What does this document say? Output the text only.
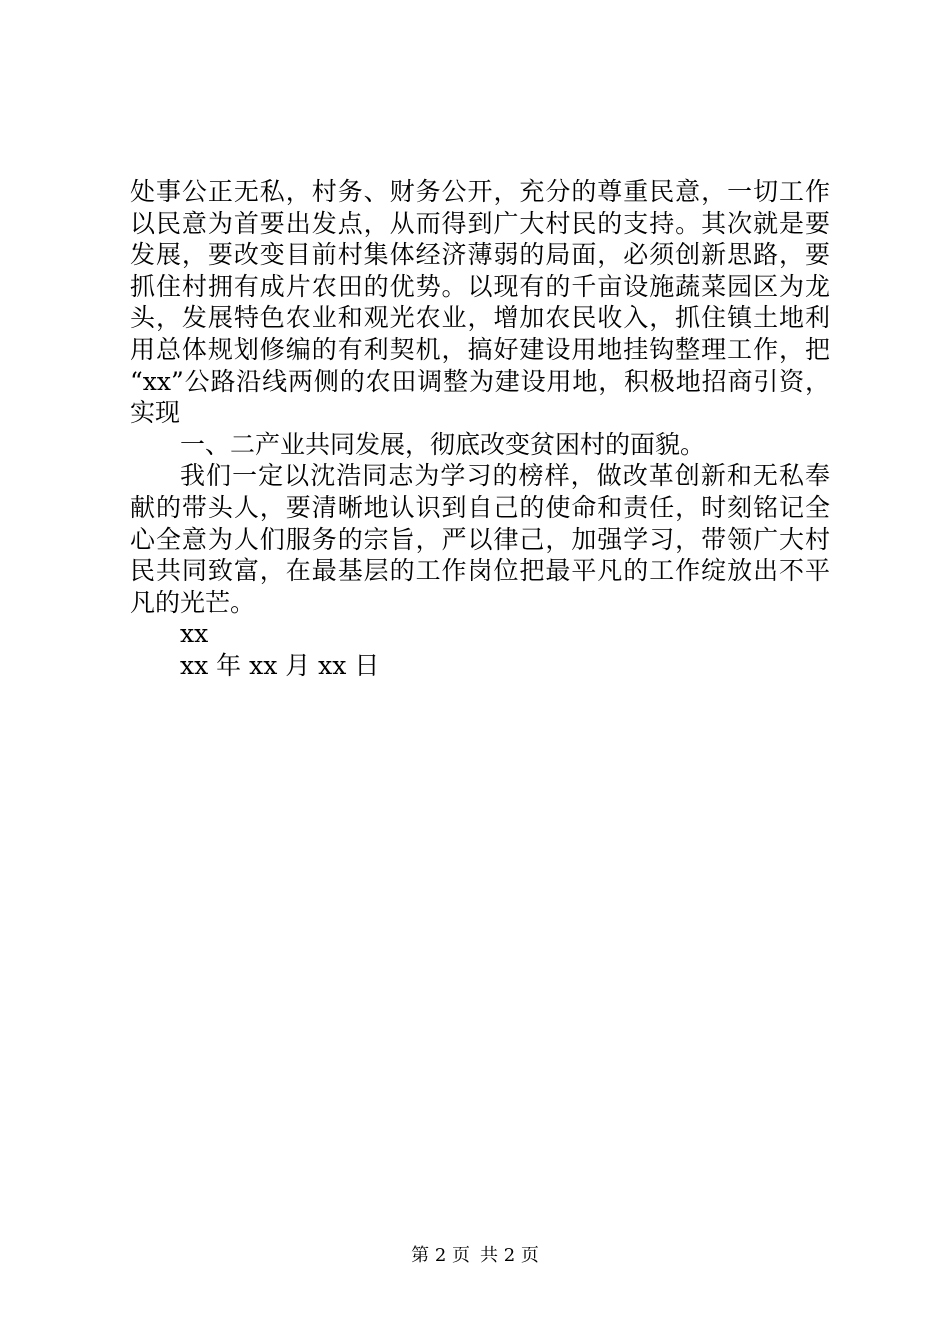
处事公正无私，村务、财务公开，充分的尊重民意，一切工作
以民意为首要出发点，从而得到广大村民的支持。其次就是要
发展，要改变目前村集体经济薄弱的局面，必须创新思路，要
抓住村拥有成片农田的优势。以现有的千亩设施蔬菜园区为龙
头，发展特色农业和观光农业，增加农民收入，抓住镇土地利
用总体规划修编的有利契机，搞好建设用地挂钩整理工作，把
“xx”公路沿线两侧的农田调整为建设用地，积极地招商引资，
实现
一、二产业共同发展，彻底改变贫困村的面貌。
我们一定以沈浩同志为学习的榜样，做改革创新和无私奉
献的带头人，要清晰地认识到自己的使命和责任，时刻铭记全
心全意为人们服务的宗旨，严以律己，加强学习，带领广大村
民共同致富，在最基层的工作岗位把最平凡的工作绽放出不平
凡的光芒。
xx
xx 年 xx 月 xx 日
第 2 页 共 2 页
